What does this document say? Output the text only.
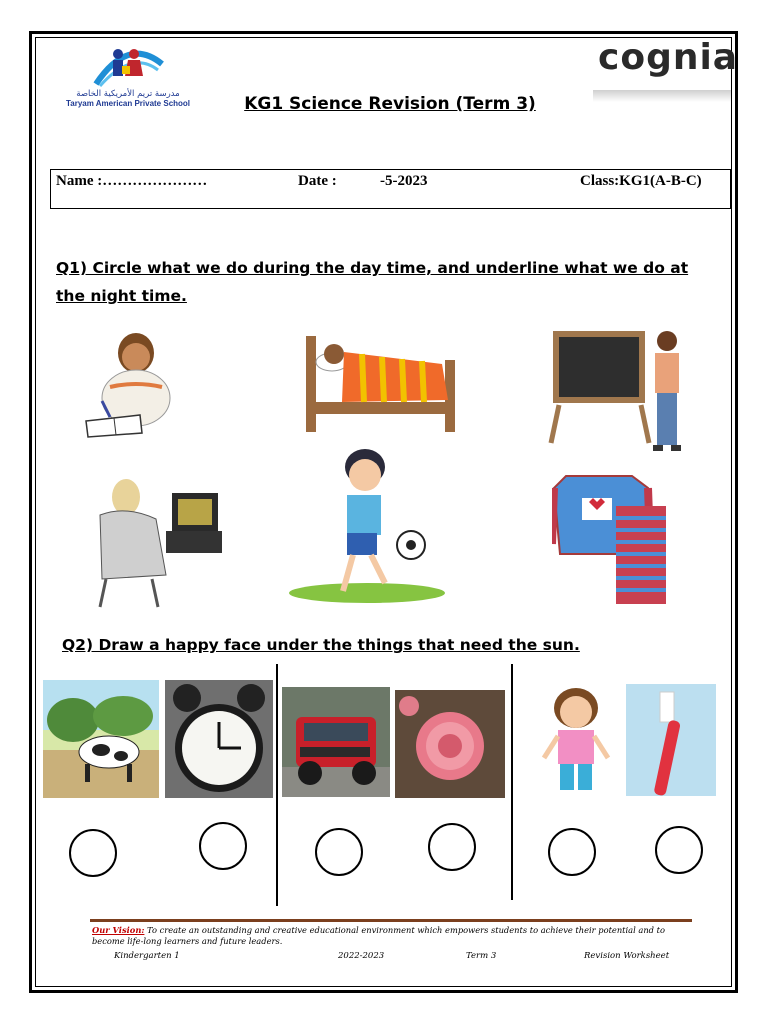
مدرسة تريم الأمريكية الخاصة
Taryam American Private School
cognia
KG1 Science Revision (Term 3)
Name :…………………	Date :	-5-2023	Class:KG1(A-B-C)
Q1) Circle what we do during the day time, and underline what we do at the night time.
Q2) Draw a happy face under the things that need the sun.
Our Vision: To create an outstanding and creative educational environment which empowers students to achieve their potential and to become life-long learners and future leaders.
Kindergarten 1	2022-2023	Term 3	Revision Worksheet
